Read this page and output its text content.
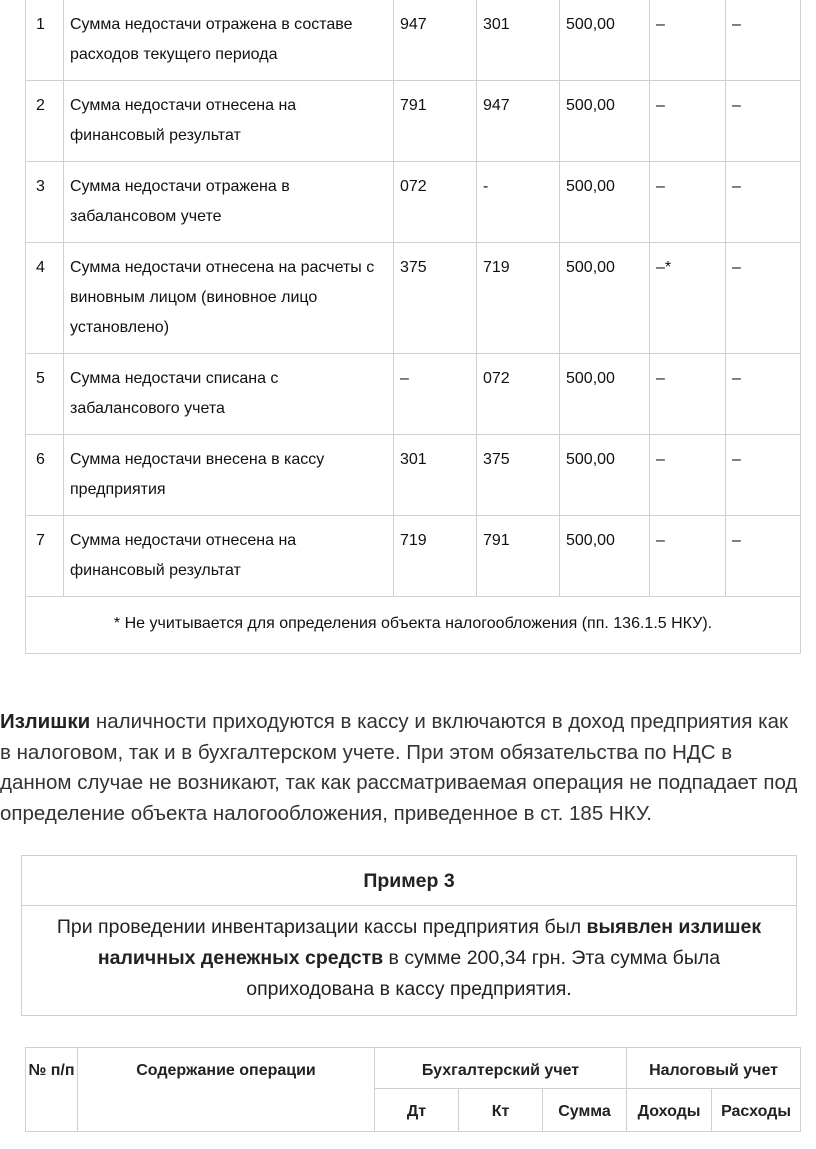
1	Сумма недостачи отражена в составе расходов текущего периода	947	301	500,00	–	–
2	Сумма недостачи отнесена на финансовый результат	791	947	500,00	–	–
3	Сумма недостачи отражена в забалансовом учете	072	-	500,00	–	–
4	Сумма недостачи отнесена на расчеты с виновным лицом (виновное лицо установлено)	375	719	500,00	–*	–
5	Сумма недостачи списана с забалансового учета	–	072	500,00	–	–
6	Сумма недостачи внесена в кассу предприятия	301	375	500,00	–	–
7	Сумма недостачи отнесена на финансовый результат	719	791	500,00	–	–
* Не учитывается для определения объекта налогообложения (пп. 136.1.5 НКУ).						

Излишки наличности приходуются в кассу и включаются в доход предприятия как в налоговом, так и в бухгалтерском учете. При этом обязательства по НДС в данном случае не возникают, так как рассматриваемая операция не подпадает под определение объекта налогообложения, приведенное в ст. 185 НКУ.

Пример 3
При проведении инвентаризации кассы предприятия был выявлен излишек наличных денежных средств в сумме 200,34 грн. Эта сумма была оприходована в кассу предприятия.
№ п/п	Содержание операции	Бухгалтерский учет			Налоговый учет	
		Дт	Кт	Сумма	Доходы	Расходы
